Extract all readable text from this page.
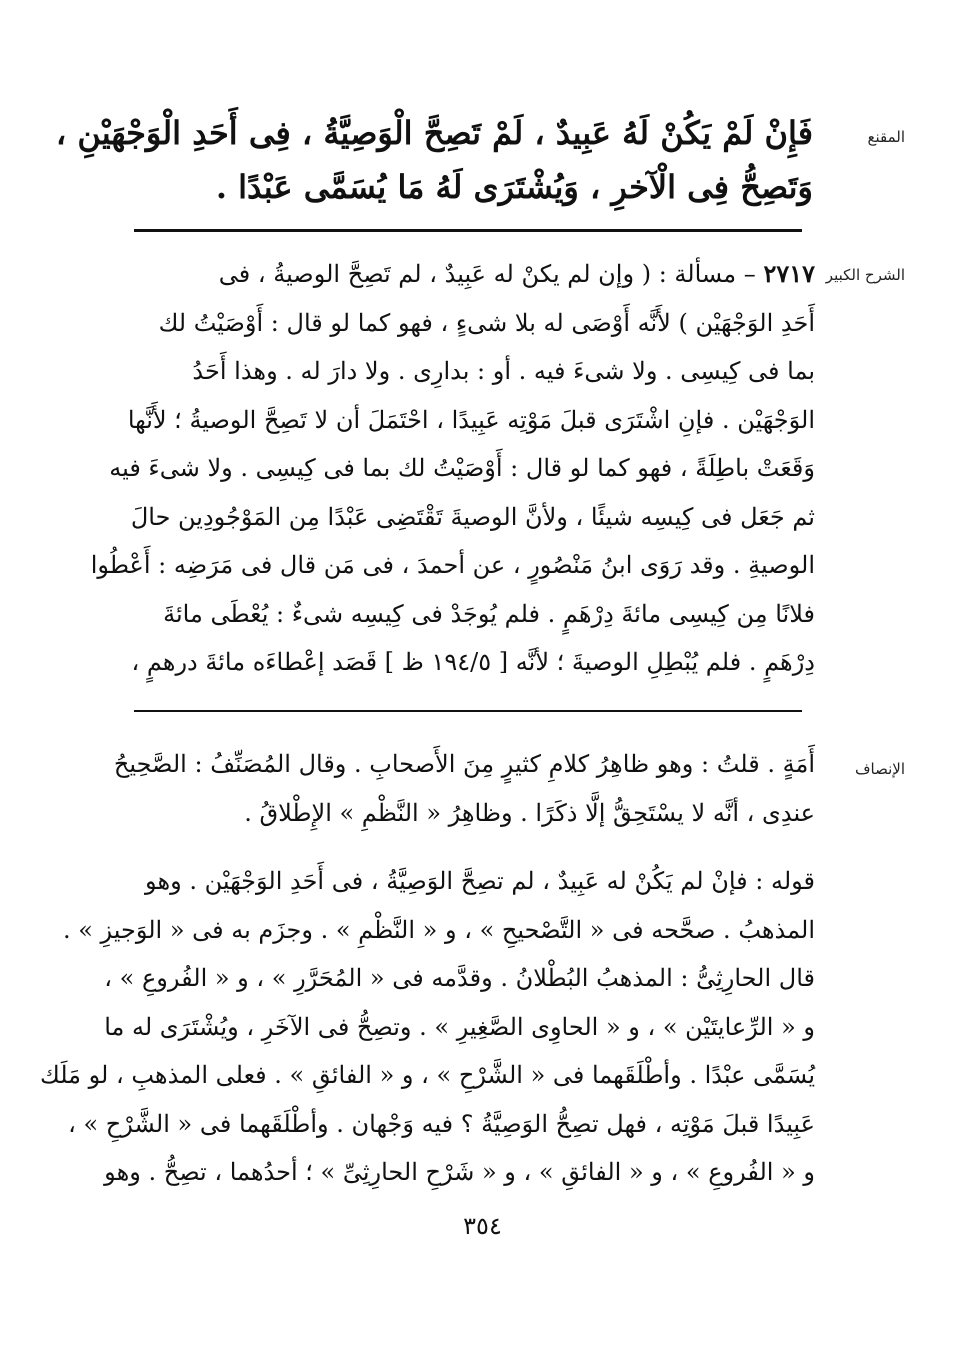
المقنع
فَإِنْ لَمْ يَكُنْ لَهُ عَبِيدٌ ، لَمْ تَصِحَّ الْوَصِيَّةُ ، فِى أَحَدِ الْوَجْهَيْنِ ،
وَتَصِحُّ فِى الْآخرِ ، وَيُشْتَرَى لَهُ مَا يُسَمَّى عَبْدًا .
الشرح الكبير
٢٧١٧ – مسألة : ( وإن لم يكنْ له عَبِيدٌ ، لم تَصِحَّ الوصيةُ ، فى
أَحَدِ الوَجْهَيْن ) لأَنَّه أَوْصَى له بلا شىءٍ ، فهو كما لو قال : أَوْصَيْتُ لك
بما فى كِيسِى . ولا شىءَ فيه . أو : بدارِى . ولا دارَ له . وهذا أَحَدُ
الوَجْهَيْن . فإنِ اشْتَرَى قبلَ مَوْتِه عَبِيدًا ، احْتَمَلَ أن لا تَصِحَّ الوصيةُ ؛ لأَنَّها
وَقَعَتْ باطِلَةً ، فهو كما لو قال : أَوْصَيْتُ لك بما فى كِيسِى . ولا شىءَ فيه
ثم جَعَل فى كِيسِه شيئًا ، ولأنَّ الوصيةَ تَقْتَضِى عَبْدًا مِن المَوْجُودِين حالَ
الوصيةِ . وقد رَوَى ابنُ مَنْصُورٍ ، عن أحمدَ ، فى مَن قال فى مَرَضِه : أَعْطُوا
فلانًا مِن كِيسِى مائةَ دِرْهَمٍ . فلم يُوجَدْ فى كِيسِه شىءٌ : يُعْطَى مائةَ
دِرْهَمٍ . فلم يُبْطِلِ الوصيةَ ؛ لأنَّه [ ١٩٤/٥ ظ ] قَصَد إعْطاءَه مائةَ درهمٍ ،
الإنصاف
أَمَةٍ . قلتُ : وهو ظاهِرُ كلامِ كثيرٍ مِنَ الأَصحابِ . وقال المُصَنِّفُ : الصَّحِيحُ
عندِى ، أنَّه لا يسْتَحِقُّ إلَّا ذكَرًا . وظاهِرُ « النَّظْمِ » الإِطْلاقُ .
قوله : فإنْ لم يَكُنْ له عَبِيدٌ ، لم تصِحَّ الوَصِيَّةُ ، فى أَحَدِ الوَجْهَيْن . وهو
المذهبُ . صحَّحه فى « التَّصْحيحِ » ، و « النَّظْمِ » . وجزَم به فى « الوَجيزِ » .
قال الحارِثِىُّ : المذهبُ البُطْلانُ . وقدَّمه فى « المُحَرَّرِ » ، و « الفُروعِ » ،
و « الرِّعايتَيْن » ، و « الحاوِى الصَّغِيرِ » . وتصِحُّ فى الآخَرِ ، ويُشْتَرَى له ما
يُسَمَّى عبْدًا . وأطْلَقَهما فى « الشَّرْحِ » ، و « الفائقِ » . فعلى المذهبِ ، لو مَلَك
عَبِيدًا قبلَ مَوْتِه ، فهل تصِحُّ الوَصِيَّةُ ؟ فيه وَجْهان . وأطْلَقَهما فى « الشَّرْحِ » ،
و « الفُروعِ » ، و « الفائقِ » ، و « شَرْحِ الحارِثِىِّ » ؛ أحدُهما ، تصِحُّ . وهو
٣٥٤
